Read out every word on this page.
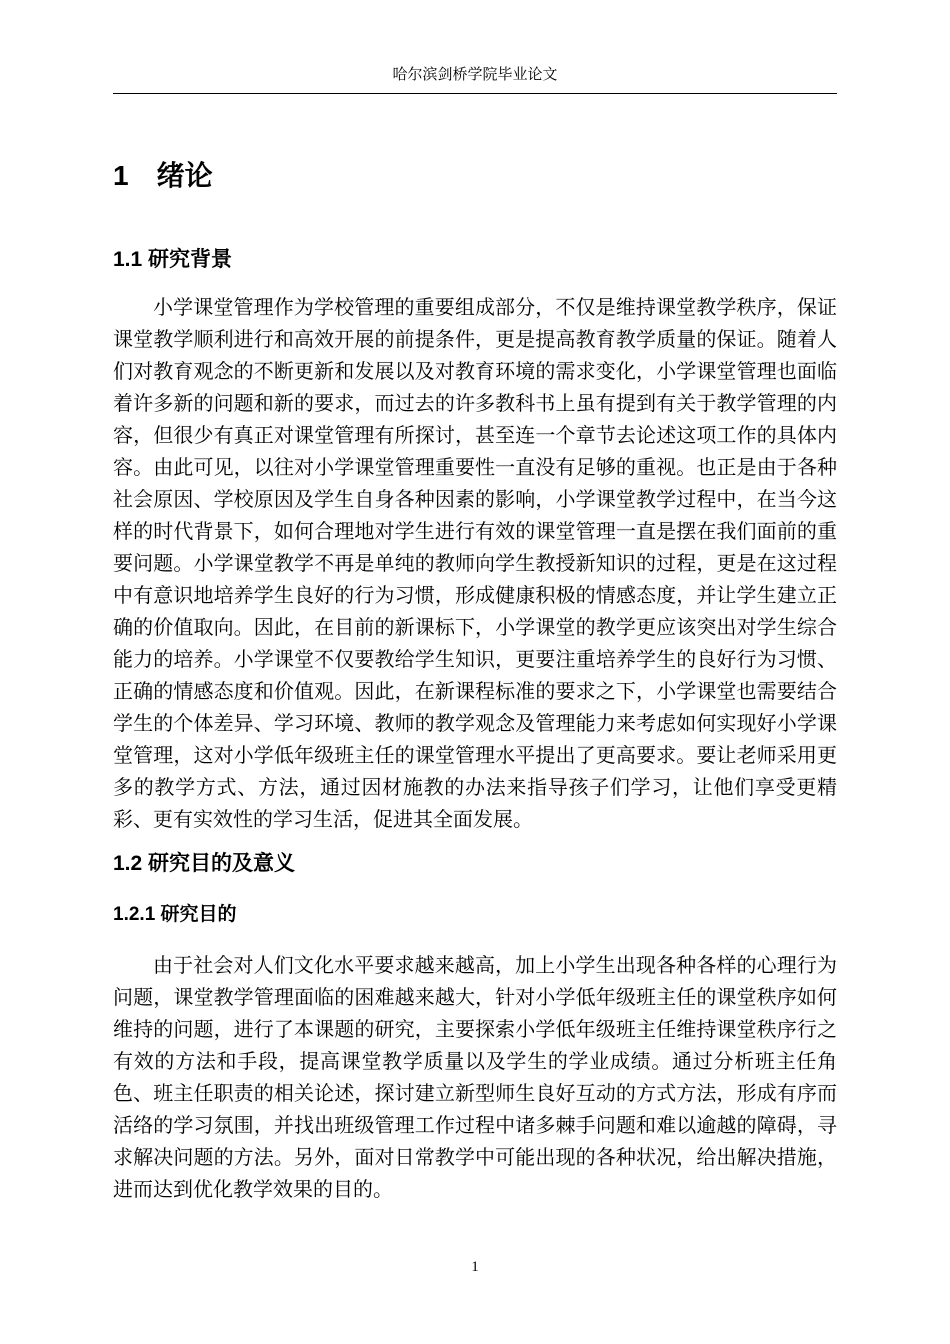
哈尔滨剑桥学院毕业论文
1　绪论
1.1 研究背景

小学课堂管理作为学校管理的重要组成部分，不仅是维持课堂教学秩序，保证课堂教学顺利进行和高效开展的前提条件，更是提高教育教学质量的保证。随着人们对教育观念的不断更新和发展以及对教育环境的需求变化，小学课堂管理也面临着许多新的问题和新的要求，而过去的许多教科书上虽有提到有关于教学管理的内容，但很少有真正对课堂管理有所探讨，甚至连一个章节去论述这项工作的具体内容。由此可见，以往对小学课堂管理重要性一直没有足够的重视。也正是由于各种社会原因、学校原因及学生自身各种因素的影响，小学课堂教学过程中，在当今这样的时代背景下，如何合理地对学生进行有效的课堂管理一直是摆在我们面前的重要问题。小学课堂教学不再是单纯的教师向学生教授新知识的过程，更是在这过程中有意识地培养学生良好的行为习惯，形成健康积极的情感态度，并让学生建立正确的价值取向。因此，在目前的新课标下，小学课堂的教学更应该突出对学生综合能力的培养。小学课堂不仅要教给学生知识，更要注重培养学生的良好行为习惯、正确的情感态度和价值观。因此，在新课程标准的要求之下，小学课堂也需要结合学生的个体差异、学习环境、教师的教学观念及管理能力来考虑如何实现好小学课堂管理，这对小学低年级班主任的课堂管理水平提出了更高要求。要让老师采用更多的教学方式、方法，通过因材施教的办法来指导孩子们学习，让他们享受更精彩、更有实效性的学习生活，促进其全面发展。

1.2 研究目的及意义
1.2.1 研究目的

由于社会对人们文化水平要求越来越高，加上小学生出现各种各样的心理行为问题，课堂教学管理面临的困难越来越大，针对小学低年级班主任的课堂秩序如何维持的问题，进行了本课题的研究，主要探索小学低年级班主任维持课堂秩序行之有效的方法和手段，提高课堂教学质量以及学生的学业成绩。通过分析班主任角色、班主任职责的相关论述，探讨建立新型师生良好互动的方式方法，形成有序而活络的学习氛围，并找出班级管理工作过程中诸多棘手问题和难以逾越的障碍，寻求解决问题的方法。另外，面对日常教学中可能出现的各种状况，给出解决措施，进而达到优化教学效果的目的。

1
